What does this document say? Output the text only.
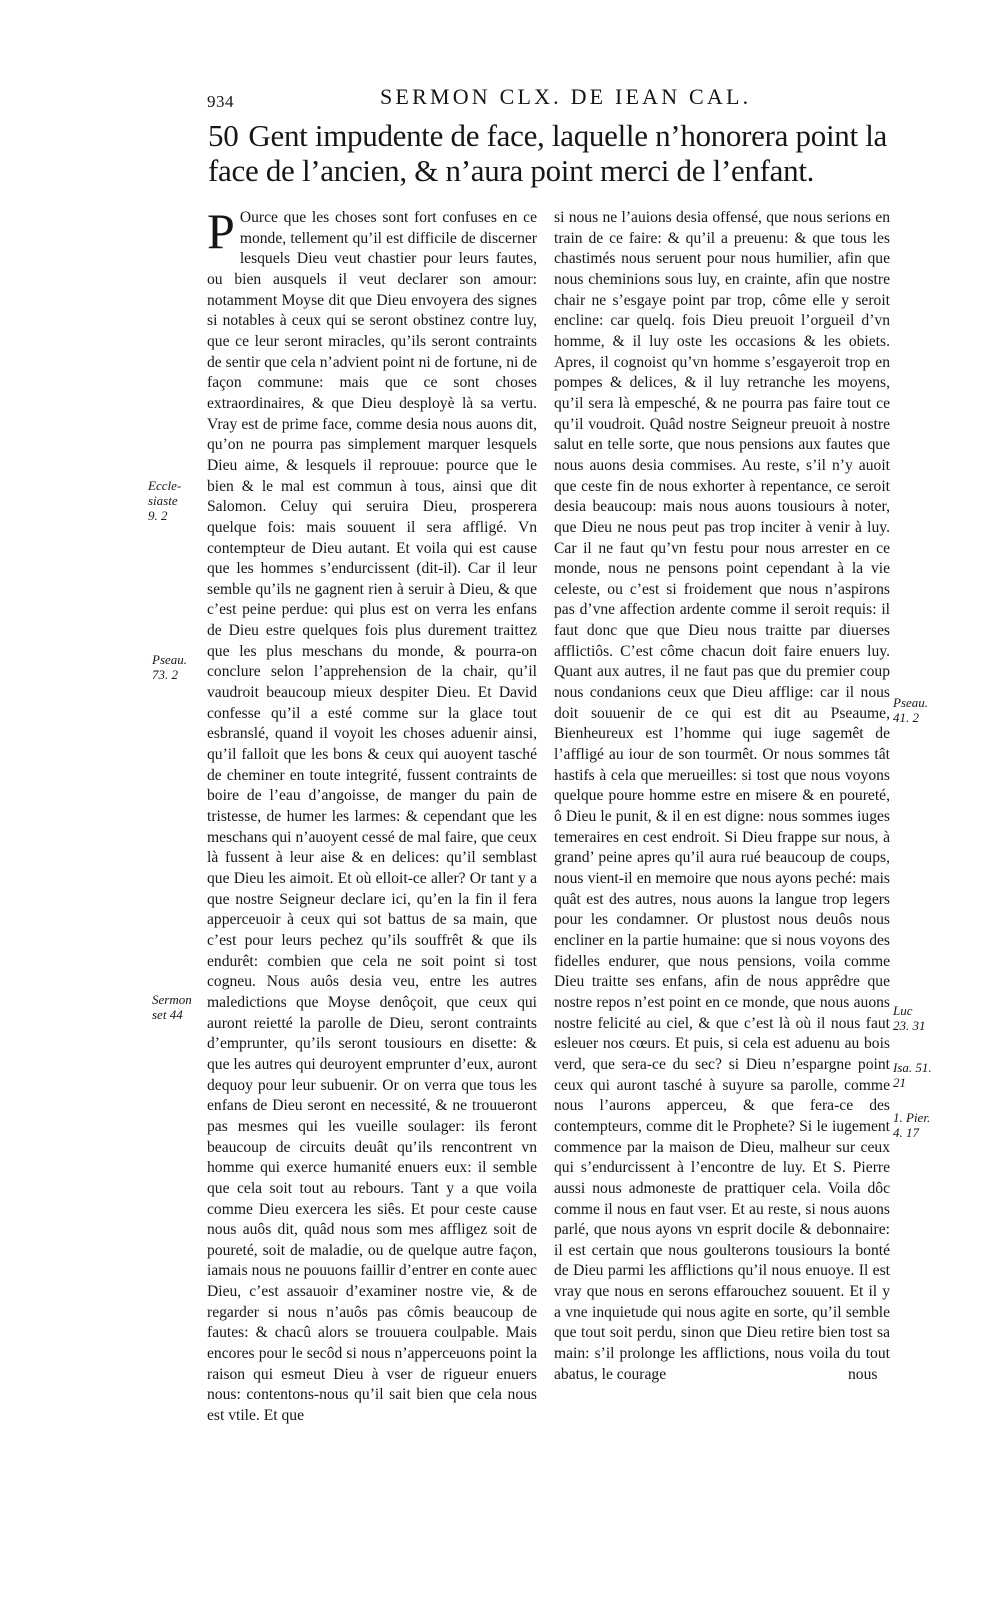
934	SERMON CLX. DE IEAN CAL.
50 Gent impudente de face, laquelle n’honorera point la face de l’ancien, & n’aura point merci de l’enfant.

P Ource que les choses sont fort confuses en ce monde, tellement qu’il est difficile de discerner lesquels Dieu veut chastier pour leurs fautes, ou bien ausquels il veut declarer son amour: notamment Moyse dit que Dieu envoyera des signes si notables à ceux qui se seront obstinez contre luy, que ce leur seront miracles, qu’ils seront contraints de sentir que cela n’advient point ni de fortune, ni de façon commune: mais que ce sont choses extraordinaires, & que Dieu desployè là sa vertu. Vray est de prime face, comme desia nous auons dit, qu’on ne pourra pas simplement marquer lesquels Dieu aime, & lesquels il reprouue: pource que le bien & le mal est commun à tous, ainsi que dit Salomon. Celuy qui seruira Dieu, prosperera quelque fois: mais souuent il sera affligé. Vn contempteur de Dieu autant. Et voila qui est cause que les hommes s’endurcissent (dit-il). Car il leur semble qu’ils ne gagnent rien à seruir à Dieu, & que c’est peine perdue: qui plus est on verra les enfans de Dieu estre quelques fois plus durement traittez que les plus meschans du monde, & pourra-on conclure selon l’apprehension de la chair, qu’il vaudroit beaucoup mieux despiter Dieu. Et David confesse qu’il a esté comme sur la glace tout esbranslé, quand il voyoit les choses aduenir ainsi, qu’il falloit que les bons & ceux qui auoyent tasché de cheminer en toute integrité, fussent contraints de boire de l’eau d’angoisse, de manger du pain de tristesse, de humer les larmes: & cependant que les meschans qui n’auoyent cessé de mal faire, que ceux là fussent à leur aise & en delices: qu’il semblast que Dieu les aimoit. Et où elloit-ce aller? Or tant y a que nostre Seigneur declare ici, qu’en la fin il fera apperceuoir à ceux qui sot battus de sa main, que c’est pour leurs pechez qu’ils souffrêt & que ils endurêt: combien que cela ne soit point si tost cogneu. Nous auôs desia veu, entre les autres maledictions que Moyse denôçoit, que ceux qui auront reietté la parolle de Dieu, seront contraints d’emprunter, qu’ils seront tousiours en disette: & que les autres qui deuroyent emprunter d’eux, auront dequoy pour leur subuenir. Or on verra que tous les enfans de Dieu seront en necessité, & ne trouueront pas mesmes qui les vueille soulager: ils feront beaucoup de circuits deuât qu’ils rencontrent vn homme qui exerce humanité enuers eux: il semble que cela soit tout au rebours. Tant y a que voila comme Dieu exercera les siês. Et pour ceste cause nous auôs dit, quâd nous som mes affligez soit de poureté, soit de maladie, ou de quelque autre façon, iamais nous ne pouuons faillir d’entrer en conte auec Dieu, c’est assauoir d’examiner nostre vie, & de regarder si nous n’auôs pas cômis beaucoup de fautes: & chacû alors se trouuera coulpable. Mais encores pour le secôd si nous n’apperceuons point la raison qui esmeut Dieu à vser de rigueur enuers nous: contentons-nous qu’il sait bien que cela nous est vtile. Et que

si nous ne l’auions desia offensé, que nous serions en train de ce faire: & qu’il a preuenu: & que tous les chastimés nous seruent pour nous humilier, afin que nous cheminions sous luy, en crainte, afin que nostre chair ne s’esgaye point par trop, côme elle y seroit encline: car quelq. fois Dieu preuoit l’orgueil d’vn homme, & il luy oste les occasions & les obiets. Apres, il cognoist qu’vn homme s’esgayeroit trop en pompes & delices, & il luy retranche les moyens, qu’il sera là empesché, & ne pourra pas faire tout ce qu’il voudroit. Quâd nostre Seigneur preuoit à nostre salut en telle sorte, que nous pensions aux fautes que nous auons desia commises. Au reste, s’il n’y auoit que ceste fin de nous exhorter à repentance, ce seroit desia beaucoup: mais nous auons tousiours à noter, que Dieu ne nous peut pas trop inciter à venir à luy. Car il ne faut qu’vn festu pour nous arrester en ce monde, nous ne pensons point cependant à la vie celeste, ou c’est si froidement que nous n’aspirons pas d’vne affection ardente comme il seroit requis: il faut donc que que Dieu nous traitte par diuerses afflictiôs. C’est côme chacun doit faire enuers luy. Quant aux autres, il ne faut pas que du premier coup nous condanions ceux que Dieu afflige: car il nous doit souuenir de ce qui est dit au Pseaume, Bienheureux est l’homme qui iuge sagemêt de l’affligé au iour de son tourmêt. Or nous sommes tât hastifs à cela que merueilles: si tost que nous voyons quelque poure homme estre en misere & en poureté, ô Dieu le punit, & il en est digne: nous sommes iuges temeraires en cest endroit. Si Dieu frappe sur nous, à grand’ peine apres qu’il aura rué beaucoup de coups, nous vient-il en memoire que nous ayons peché: mais quât est des autres, nous auons la langue trop legers pour les condamner. Or plustost nous deuôs nous encliner en la partie humaine: que si nous voyons des fidelles endurer, que nous pensions, voila comme Dieu traitte ses enfans, afin de nous apprêdre que nostre repos n’est point en ce monde, que nous auons nostre felicité au ciel, & que c’est là où il nous faut esleuer nos cœurs. Et puis, si cela est aduenu au bois verd, que sera-ce du sec? si Dieu n’espargne point ceux qui auront tasché à suyure sa parolle, comme nous l’aurons apperceu, & que fera-ce des contempteurs, comme dit le Prophete? Si le iugement commence par la maison de Dieu, malheur sur ceux qui s’endurcissent à l’encontre de luy. Et S. Pierre aussi nous admoneste de prattiquer cela. Voila dôc comme il nous en faut vser. Et au reste, si nous auons parlé, que nous ayons vn esprit docile & debonnaire: il est certain que nous goulterons tousiours la bonté de Dieu parmi les afflictions qu’il nous enuoye. Il est vray que nous en serons effarouchez souuent. Et il y a vne inquietude qui nous agite en sorte, qu’il semble que tout soit perdu, sinon que Dieu retire bien tost sa main: s’il prolonge les afflictions, nous voila du tout abatus, le courage	nous
Eccle-
siaste
9. 2
Pseau.
73. 2
Sermon
set 44
Pseau.
41. 2
Luc
23. 31
Isa. 51.
21
1. Pier.
4. 17
